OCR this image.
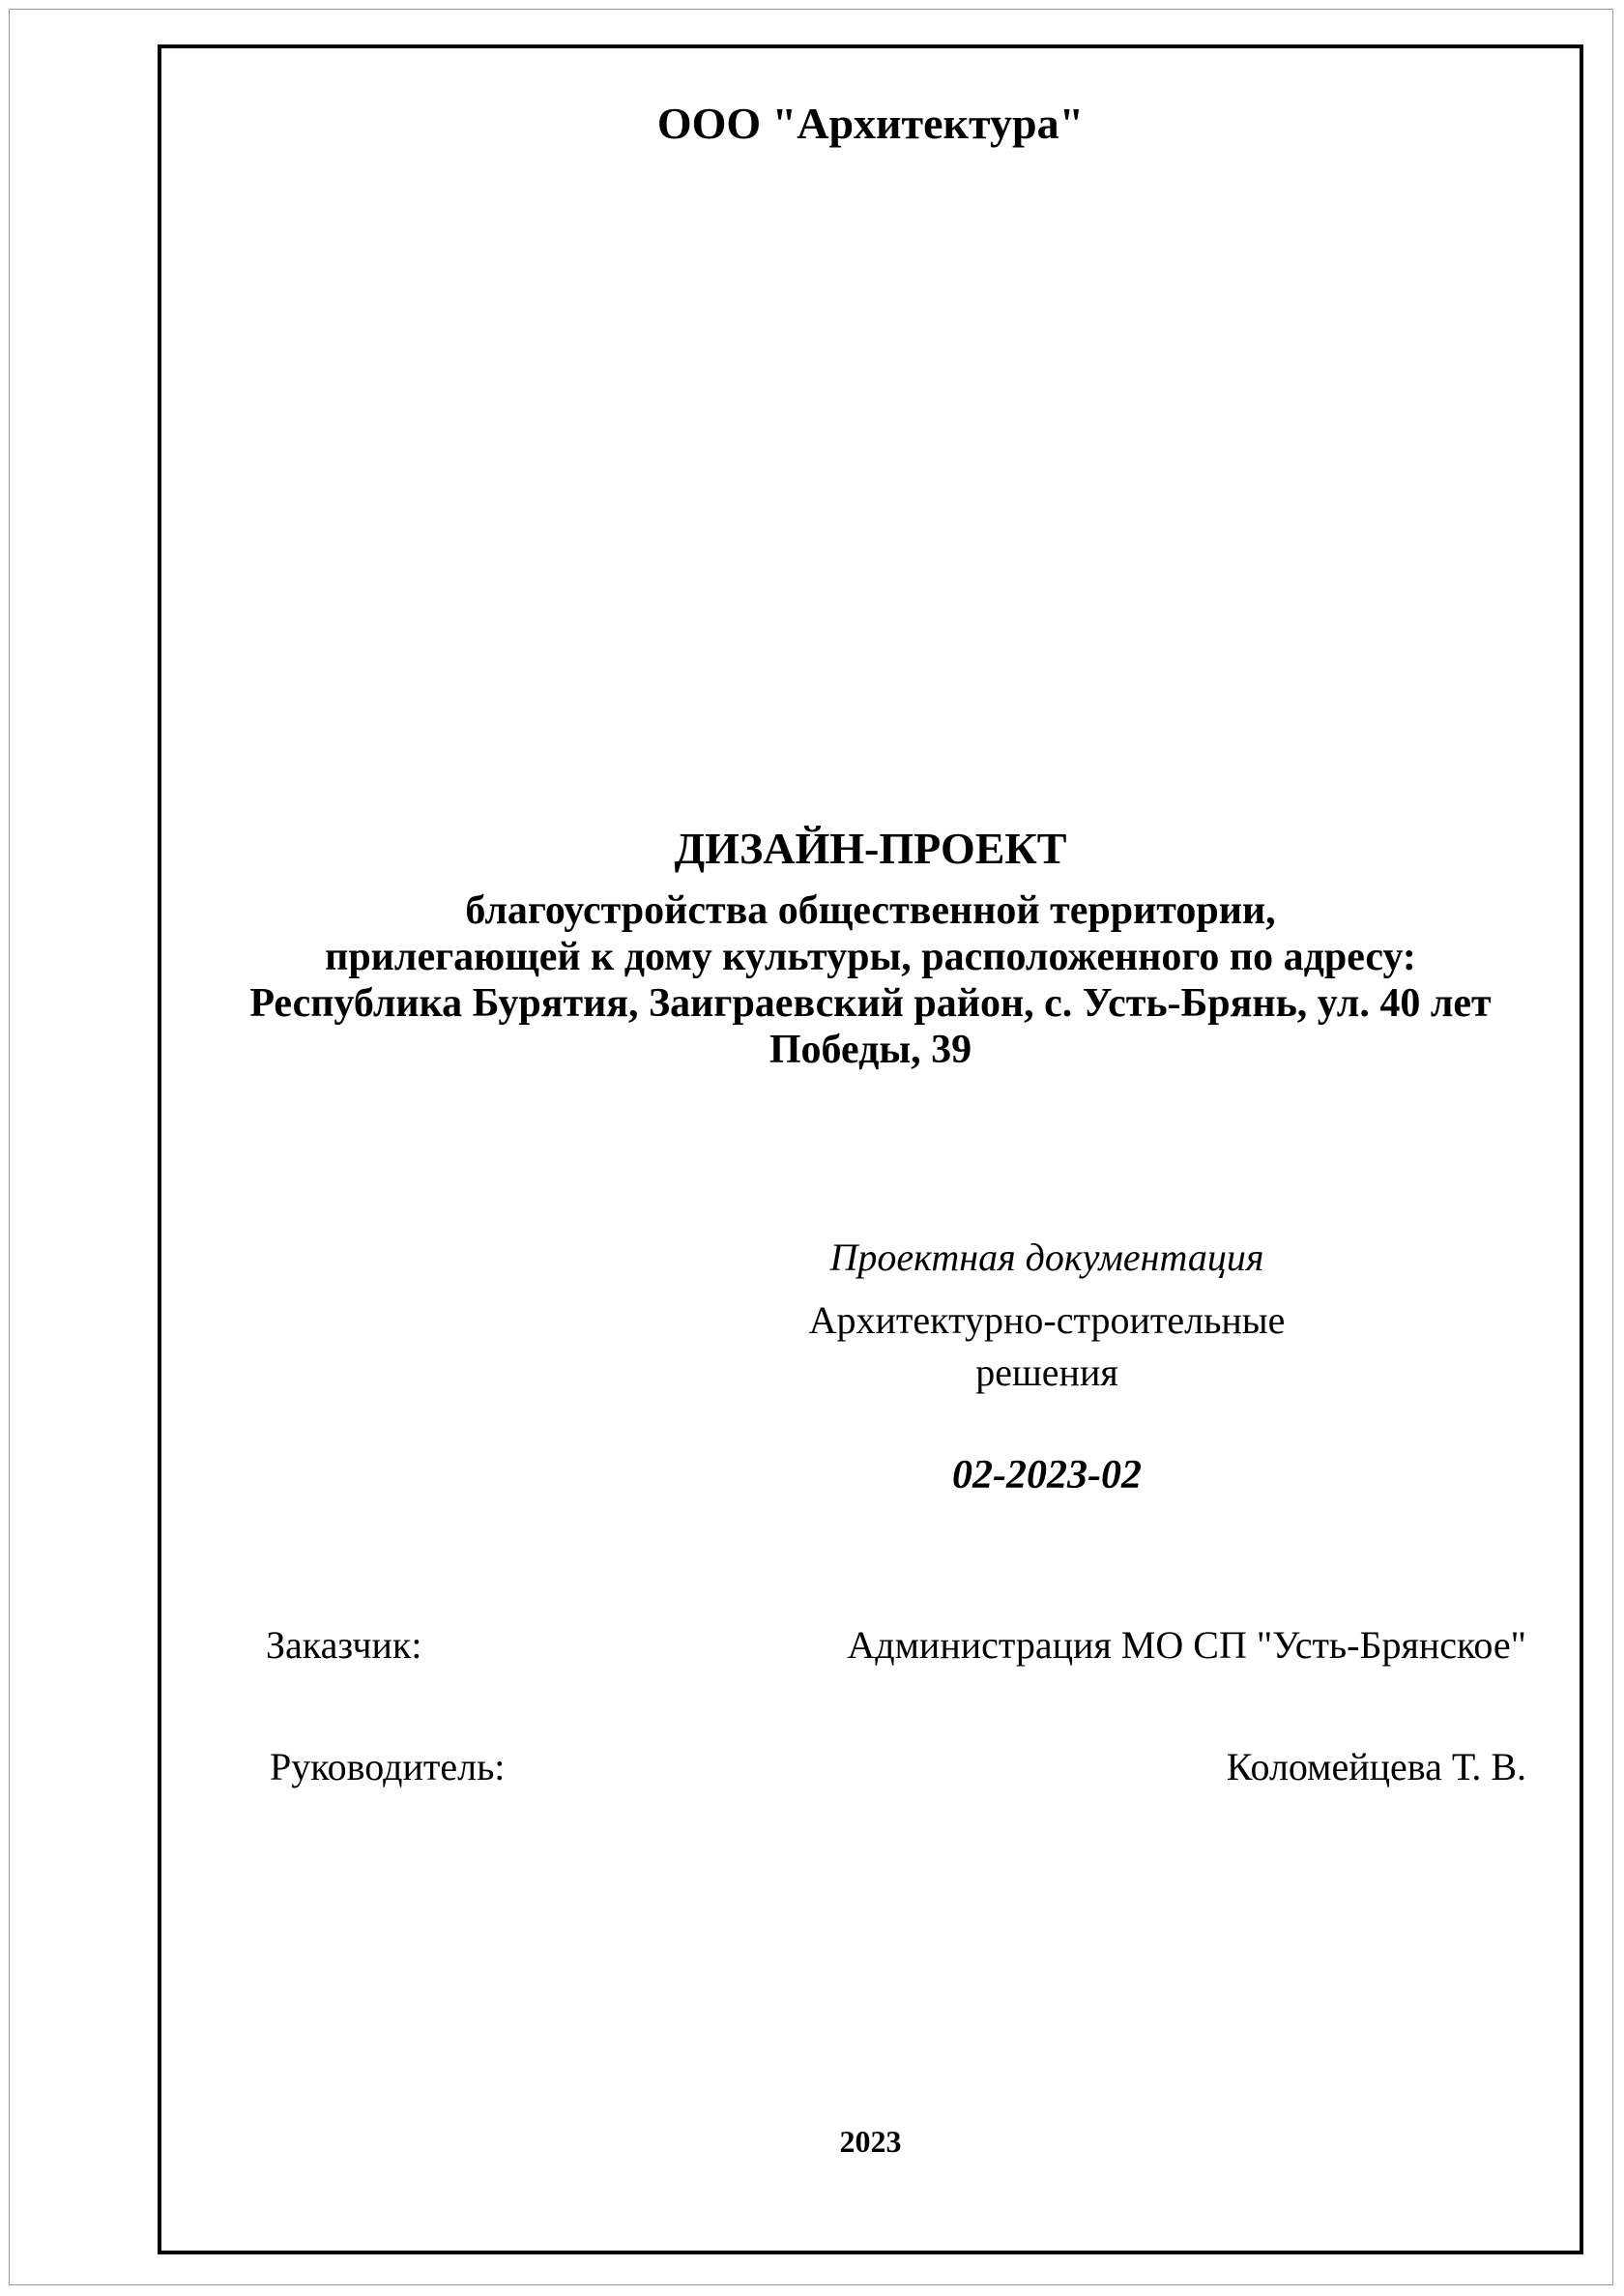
ООО "Архитектура"
ДИЗАЙН-ПРОЕКТ
благоустройства общественной территории,
прилегающей к дому культуры, расположенного по адресу:
Республика Бурятия, Заиграевский район, с. Усть-Брянь, ул. 40 лет
Победы, 39
Проектная документация
Архитектурно-строительные
решения
02-2023-02
Заказчик:	Администрация МО СП "Усть-Брянское"
Руководитель:	Коломейцева Т. В.
2023
